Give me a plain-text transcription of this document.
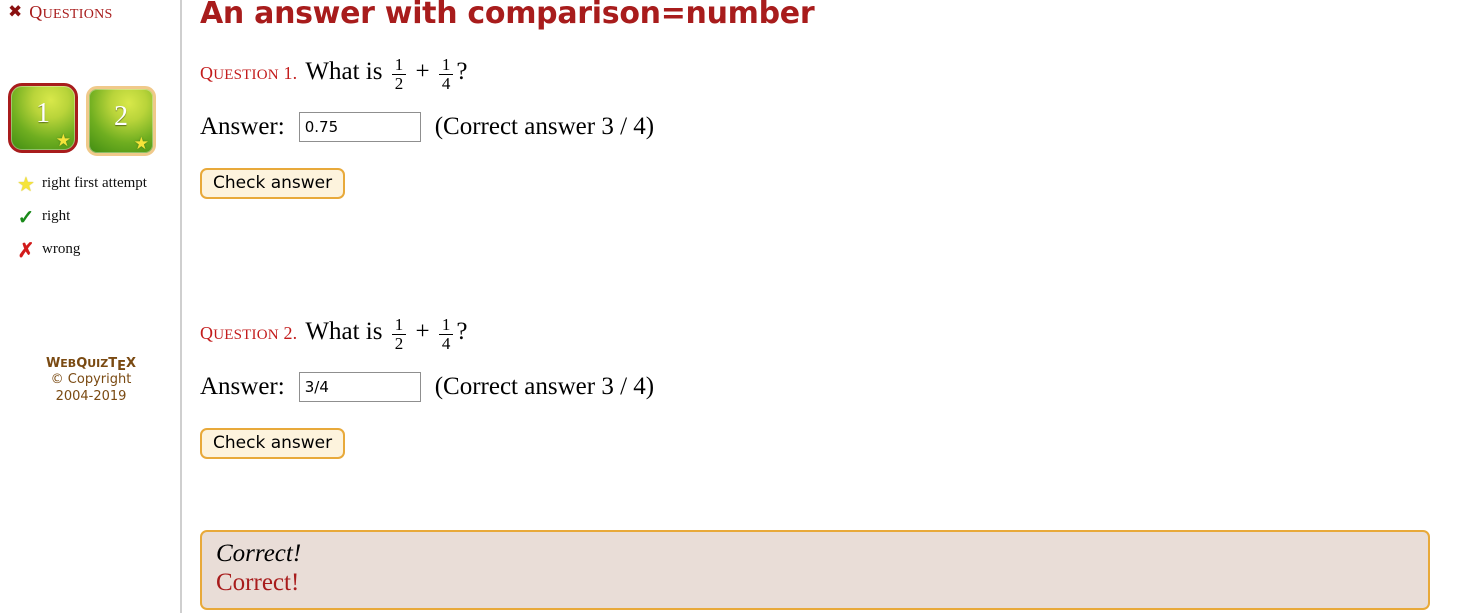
✖ QUESTIONS
1
★
2
★
★ right first attempt
✓ right
✗ wrong
WEBQUIZTEX
© Copyright
2004-2019
An answer with comparison=number
QUESTION 1. What is $\frac{1}{2} + \frac{1}{4}$ ?
Answer:
0.75	(Correct answer 3 / 4)
Check answer
QUESTION 2. What is $\frac{1}{2} + \frac{1}{4}$ ?
Answer:
3/4	(Correct answer 3 / 4)
Check answer
Correct!
Correct!
